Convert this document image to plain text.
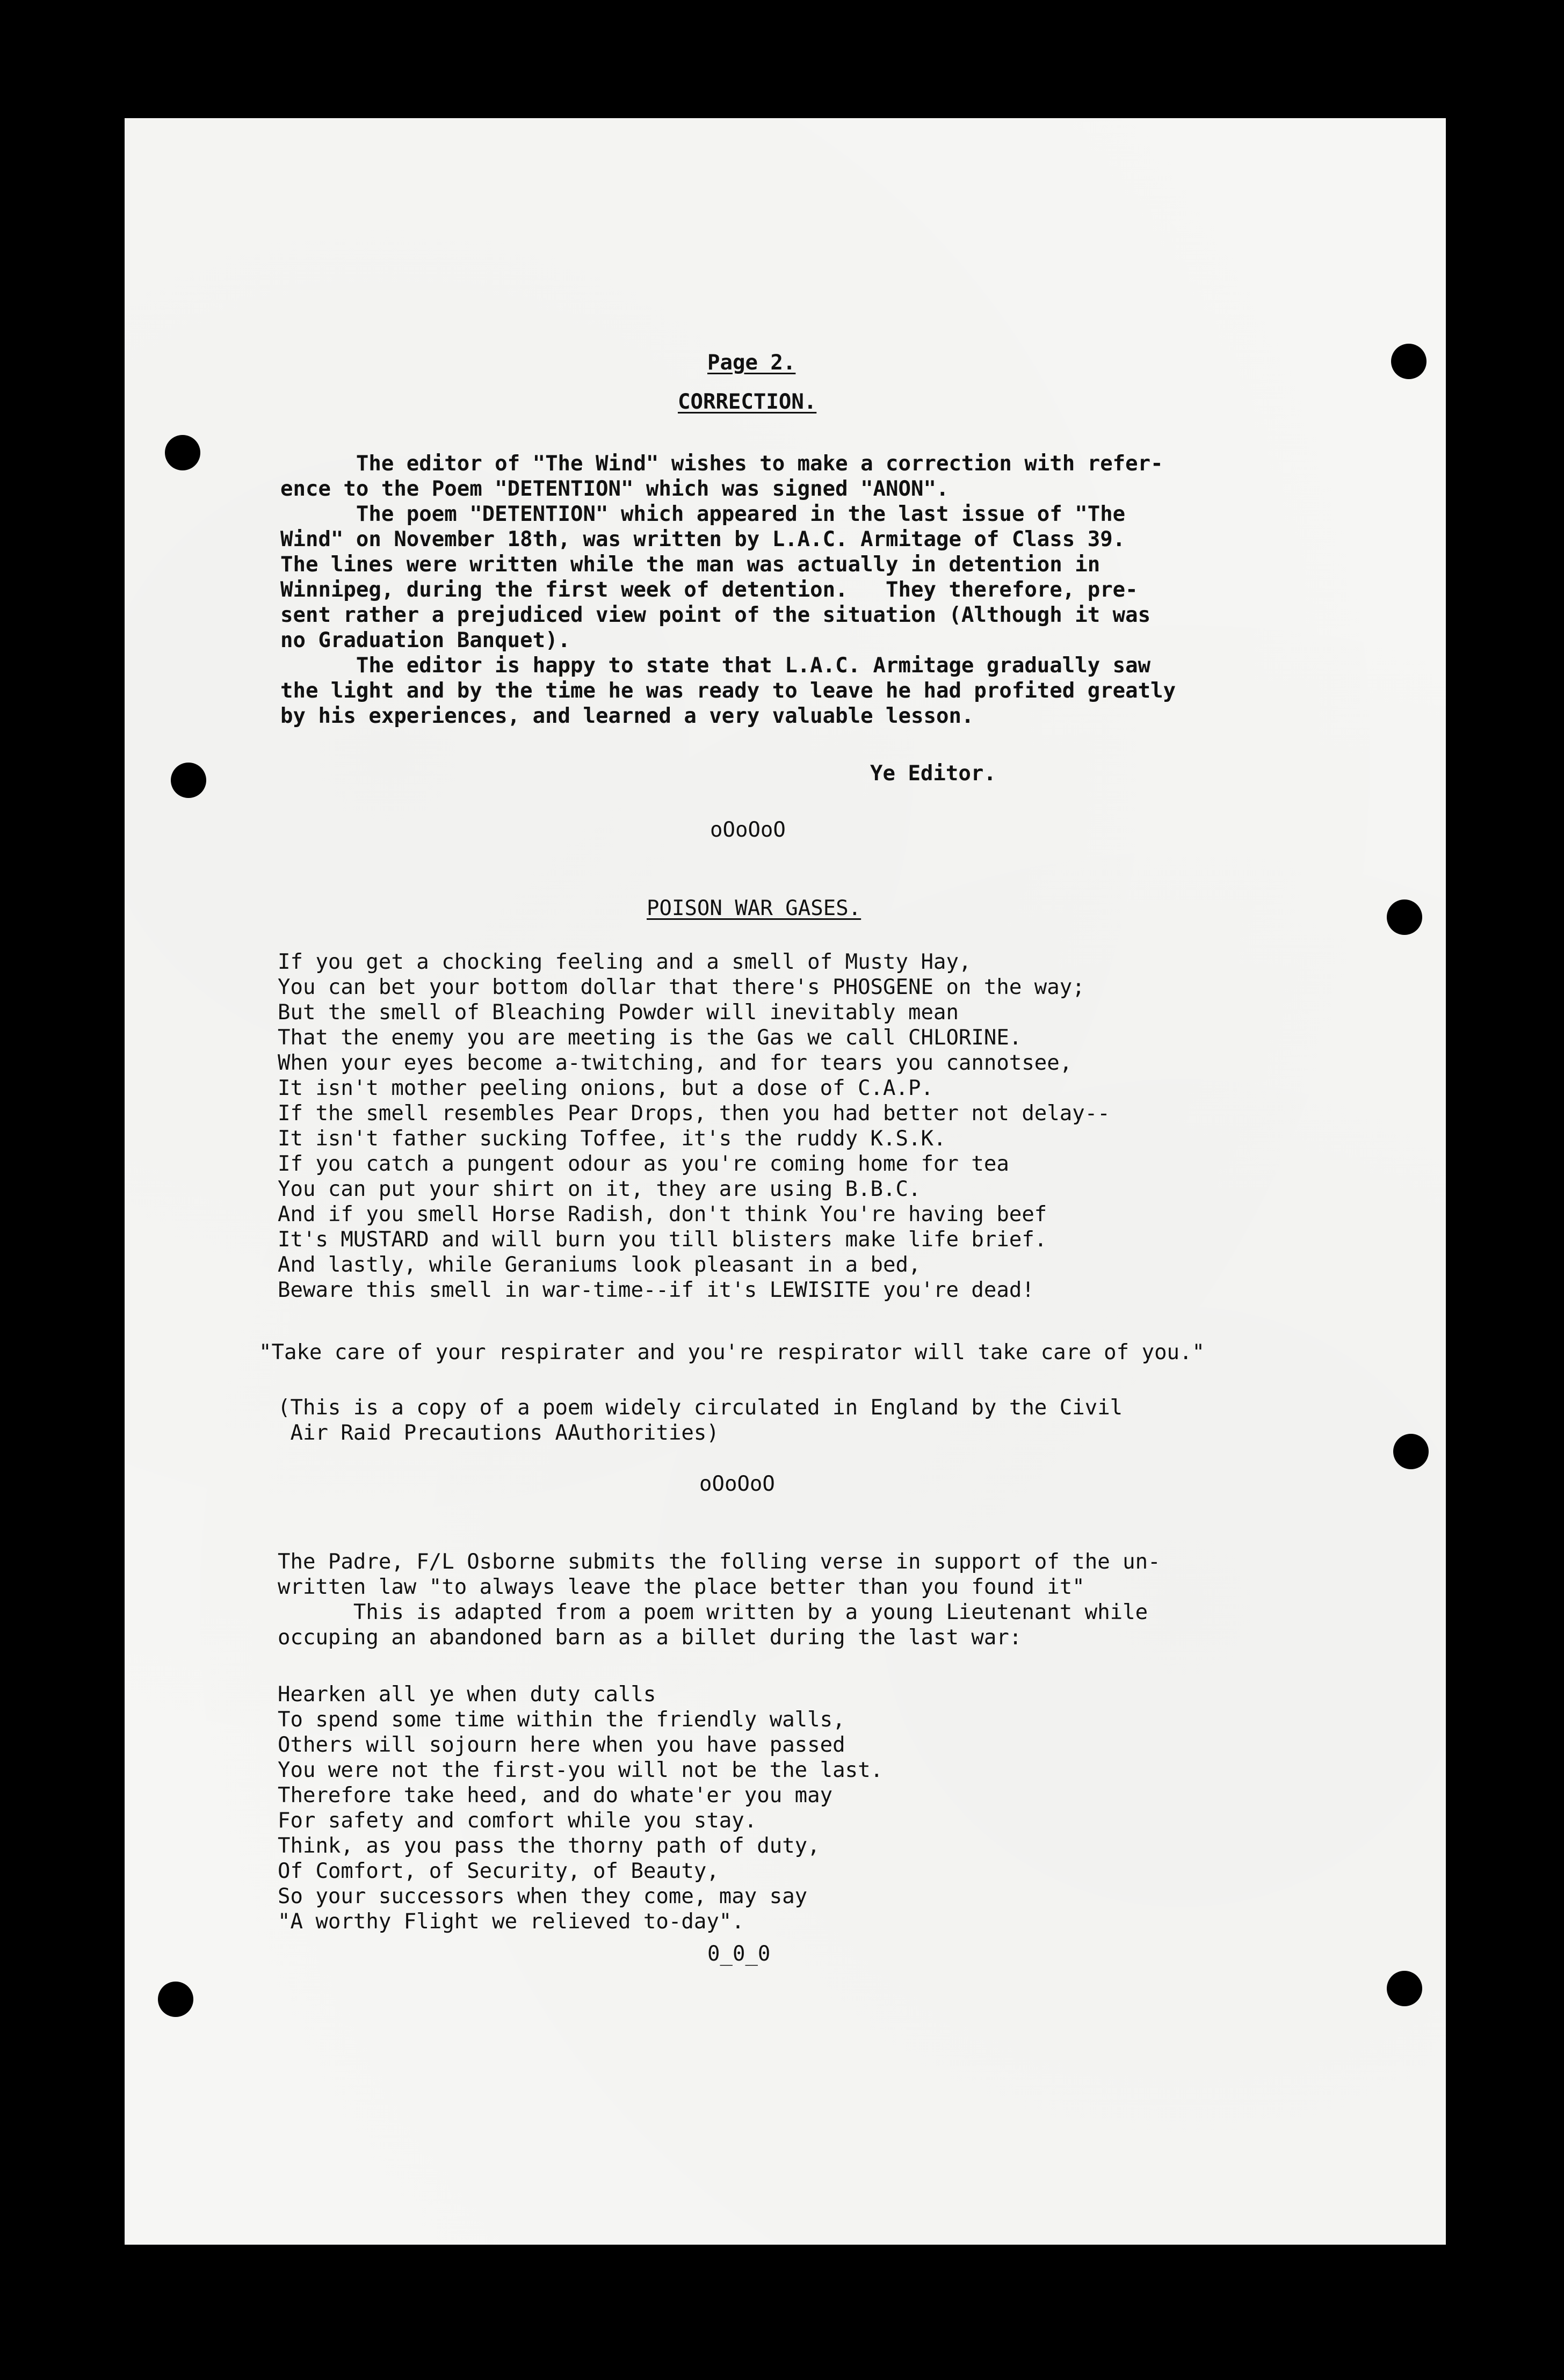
Page 2.
CORRECTION.
The editor of "The Wind" wishes to make a correction with refer-
ence to the Poem "DETENTION" which was signed "ANON".
The poem "DETENTION" which appeared in the last issue of "The
Wind" on November 18th, was written by L.A.C. Armitage of Class 39.
The lines were written while the man was actually in detention in
Winnipeg, during the first week of detention.   They therefore, pre-
sent rather a prejudiced view point of the situation (Although it was
no Graduation Banquet).
The editor is happy to state that L.A.C. Armitage gradually saw
the light and by the time he was ready to leave he had profited greatly
by his experiences, and learned a very valuable lesson.
Ye Editor.
oOoOoO
POISON WAR GASES.
If you get a chocking feeling and a smell of Musty Hay,
You can bet your bottom dollar that there's PHOSGENE on the way;
But the smell of Bleaching Powder will inevitably mean
That the enemy you are meeting is the Gas we call CHLORINE.
When your eyes become a-twitching, and for tears you cannotsee,
It isn't mother peeling onions, but a dose of C.A.P.
If the smell resembles Pear Drops, then you had better not delay--
It isn't father sucking Toffee, it's the ruddy K.S.K.
If you catch a pungent odour as you're coming home for tea
You can put your shirt on it, they are using B.B.C.
And if you smell Horse Radish, don't think You're having beef
It's MUSTARD and will burn you till blisters make life brief.
And lastly, while Geraniums look pleasant in a bed,
Beware this smell in war-time--if it's LEWISITE you're dead!
"Take care of your respirater and you're respirator will take care of you."
(This is a copy of a poem widely circulated in England by the Civil
Air Raid Precautions AAuthorities)
oOoOoO
The Padre, F/L Osborne submits the folling verse in support of the un-
written law "to always leave the place better than you found it"
This is adapted from a poem written by a young Lieutenant while
occuping an abandoned barn as a billet during the last war:
Hearken all ye when duty calls
To spend some time within the friendly walls,
Others will sojourn here when you have passed
You were not the first-you will not be the last.
Therefore take heed, and do whate'er you may
For safety and comfort while you stay.
Think, as you pass the thorny path of duty,
Of Comfort, of Security, of Beauty,
So your successors when they come, may say
"A worthy Flight we relieved to-day".
0_0_0
